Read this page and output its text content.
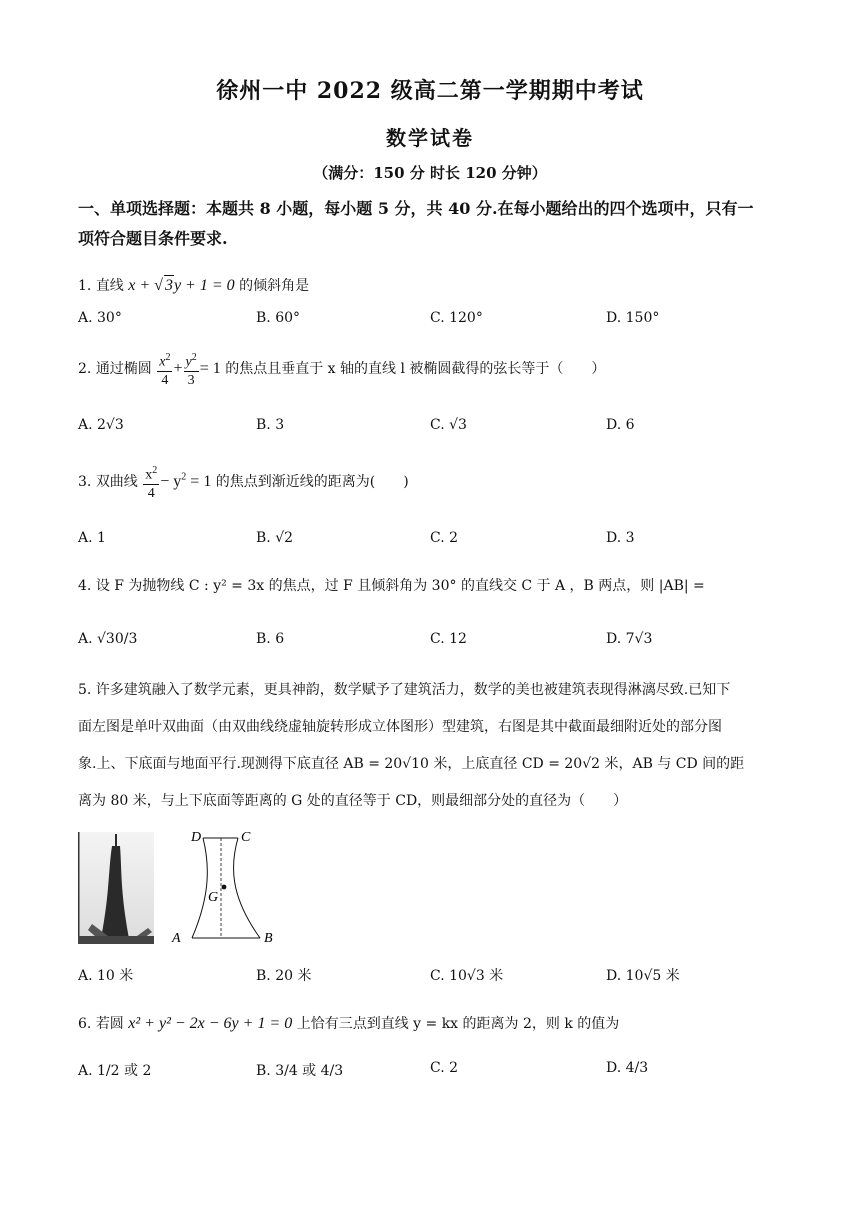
徐州一中 2022 级高二第一学期期中考试
数学试卷
（满分：150 分 时长 120 分钟）
一、单项选择题：本题共 8 小题，每小题 5 分，共 40 分.在每小题给出的四个选项中，只有一
项符合题目条件要求.
1. 直线 x + √ 3y + 1 = 0 的倾斜角是
A. 30°	B. 60°	C. 120°	D. 150°
2. 通过椭圆 $\frac{x^2}{4} + \frac{y^2}{3} = 1$ 的焦点且垂直于 x 轴的直线 l 被椭圆截得的弦长等于（　　）
A. 2√3	B. 3	C. √3	D. 6
3. 双曲线 $\frac{x^2}{4} - y^2 = 1$ 的焦点到渐近线的距离为(　　)
A. 1	B. √2	C. 2	D. 3
4. 设 F 为抛物线 C : y² = 3x 的焦点，过 F 且倾斜角为 30° 的直线交 C 于 A ，B 两点，则 |AB| =
A. √30/3	B. 6	C. 12	D. 7√3
5. 许多建筑融入了数学元素，更具神韵，数学赋予了建筑活力，数学的美也被建筑表现得淋漓尽致.已知下
面左图是单叶双曲面（由双曲线绕虚轴旋转形成立体图形）型建筑，右图是其中截面最细附近处的部分图
象.上、下底面与地面平行.现测得下底直径 AB = 20√10 米，上底直径 CD = 20√2 米，AB 与 CD 间的距
离为 80 米，与上下底面等距离的 G 处的直径等于 CD，则最细部分处的直径为（　　）
D	C
G
A	B
A. 10 米	B. 20 米	C. 10√3 米	D. 10√5 米
6. 若圆 x² + y² − 2x − 6y + 1 = 0 上恰有三点到直线 y = kx 的距离为 2，则 k 的值为
A. 1/2 或 2	B. 3/4 或 4/3	C. 2	D. 4/3
